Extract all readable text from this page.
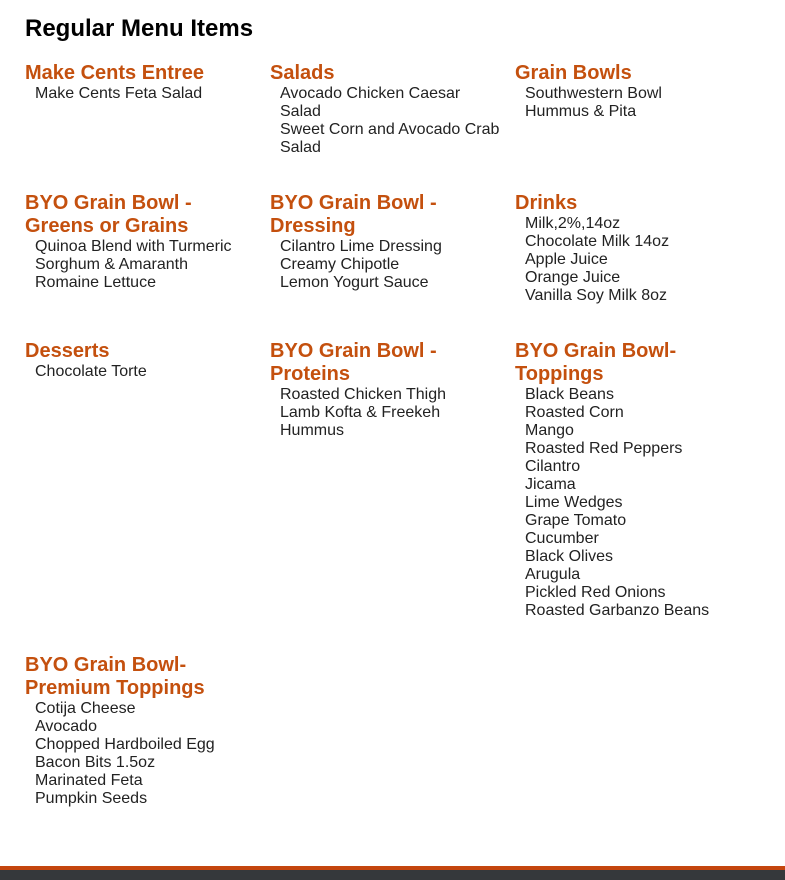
Regular Menu Items
Make Cents Entree
Make Cents Feta Salad
Salads
Avocado Chicken Caesar Salad
Sweet Corn and Avocado Crab Salad
Grain Bowls
Southwestern Bowl
Hummus & Pita
BYO Grain Bowl - Greens or Grains
Quinoa Blend with Turmeric
Sorghum & Amaranth
Romaine Lettuce
BYO Grain Bowl - Dressing
Cilantro Lime Dressing
Creamy Chipotle
Lemon Yogurt Sauce
Drinks
Milk,2%,14oz
Chocolate Milk 14oz
Apple Juice
Orange Juice
Vanilla Soy Milk 8oz
Desserts
Chocolate Torte
BYO Grain Bowl - Proteins
Roasted Chicken Thigh
Lamb Kofta & Freekeh
Hummus
BYO Grain Bowl- Toppings
Black Beans
Roasted Corn
Mango
Roasted Red Peppers
Cilantro
Jicama
Lime Wedges
Grape Tomato
Cucumber
Black Olives
Arugula
Pickled Red Onions
Roasted Garbanzo Beans
BYO Grain Bowl- Premium Toppings
Cotija Cheese
Avocado
Chopped Hardboiled Egg
Bacon Bits 1.5oz
Marinated Feta
Pumpkin Seeds
